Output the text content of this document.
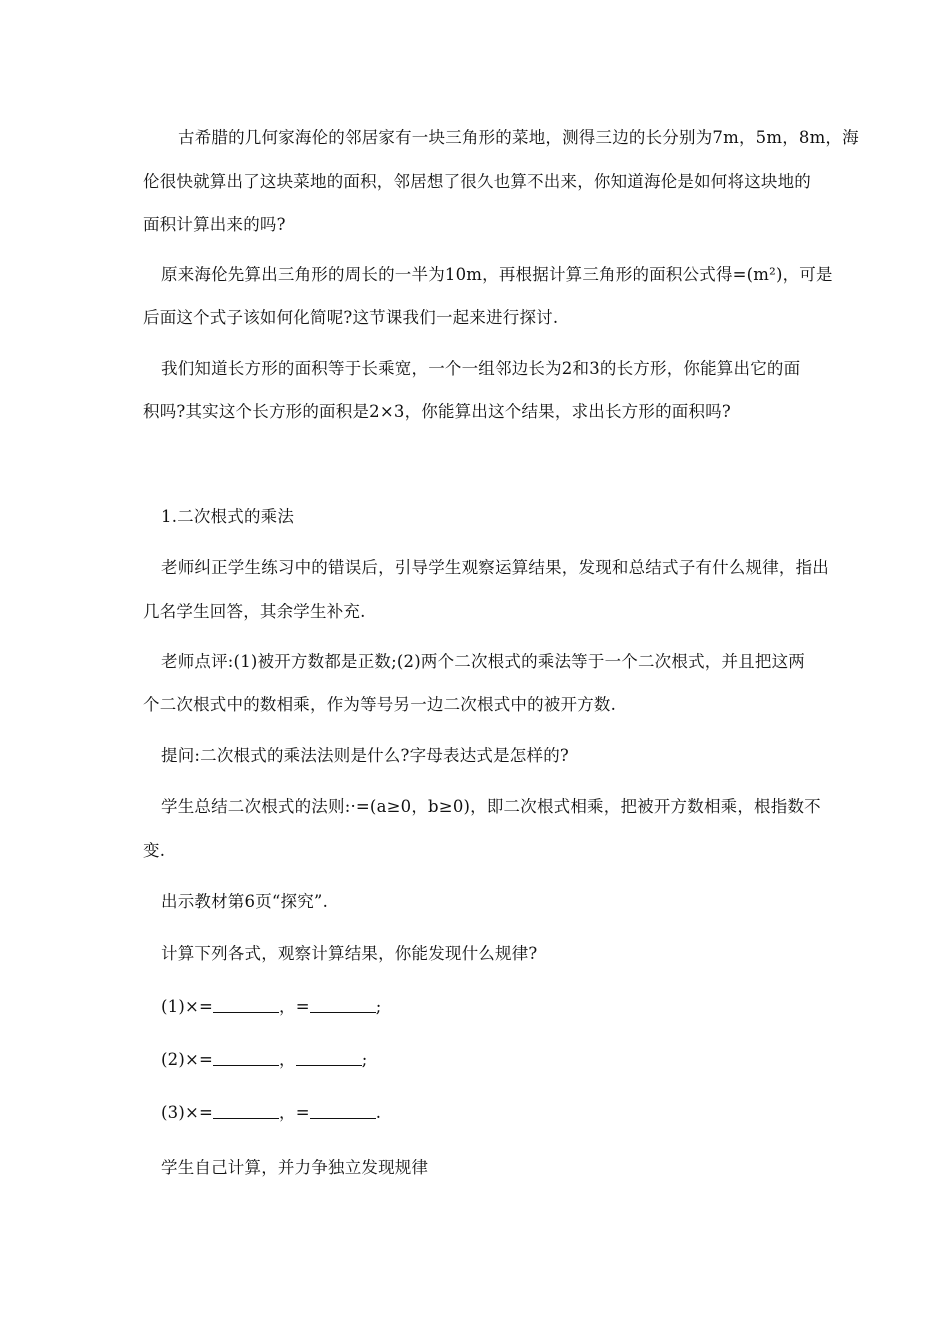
古希腊的几何家海伦的邻居家有一块三角形的菜地，测得三边的长分别为7m，5m，8m，海
伦很快就算出了这块菜地的面积，邻居想了很久也算不出来，你知道海伦是如何将这块地的
面积计算出来的吗?
原来海伦先算出三角形的周长的一半为10m，再根据计算三角形的面积公式得=(m²)，可是
后面这个式子该如何化简呢?这节课我们一起来进行探讨.
我们知道长方形的面积等于长乘宽，一个一组邻边长为2和3的长方形，你能算出它的面
积吗?其实这个长方形的面积是2×3，你能算出这个结果，求出长方形的面积吗?
1.二次根式的乘法
老师纠正学生练习中的错误后，引导学生观察运算结果，发现和总结式子有什么规律，指出
几名学生回答，其余学生补充.
老师点评:(1)被开方数都是正数;(2)两个二次根式的乘法等于一个二次根式，并且把这两
个二次根式中的数相乘，作为等号另一边二次根式中的被开方数.
提问:二次根式的乘法法则是什么?字母表达式是怎样的?
学生总结二次根式的法则:·=(a≥0，b≥0)，即二次根式相乘，把被开方数相乘，根指数不
变.
出示教材第6页“探究”.
计算下列各式，观察计算结果，你能发现什么规律?
(1)×=	，=	;
(2)×=	，	;
(3)×=	，=	.
学生自己计算，并力争独立发现规律
